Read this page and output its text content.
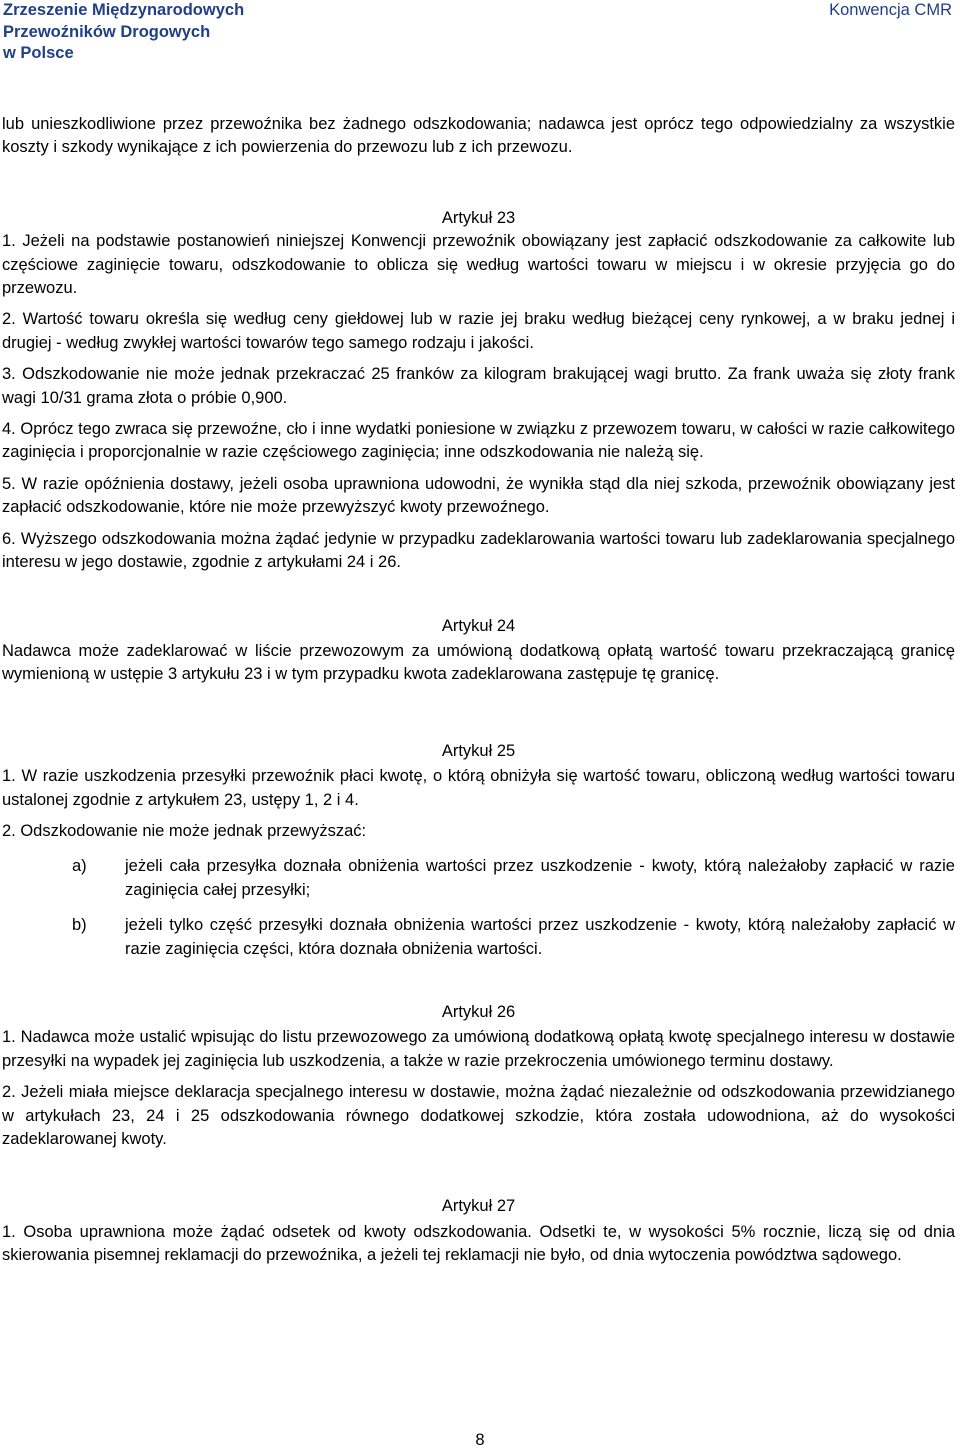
Zrzeszenie Międzynarodowych
Przewoźników Drogowych
w Polsce
Konwencja CMR

lub unieszkodliwione przez przewoźnika bez żadnego odszkodowania; nadawca jest oprócz tego odpowiedzialny za wszystkie koszty i szkody wynikające z ich powierzenia do przewozu lub z ich przewozu.

Artykuł 23

1. Jeżeli na podstawie postanowień niniejszej Konwencji przewoźnik obowiązany jest zapłacić odszkodowanie za całkowite lub częściowe zaginięcie towaru, odszkodowanie to oblicza się według wartości towaru w miejscu i w okresie przyjęcia go do przewozu.

2. Wartość towaru określa się według ceny giełdowej lub w razie jej braku według bieżącej ceny rynkowej, a w braku jednej i drugiej - według zwykłej wartości towarów tego samego rodzaju i jakości.

3. Odszkodowanie nie może jednak przekraczać 25 franków za kilogram brakującej wagi brutto. Za frank uważa się złoty frank wagi 10/31 grama złota o próbie 0,900.

4. Oprócz tego zwraca się przewoźne, cło i inne wydatki poniesione w związku z przewozem towaru, w całości w razie całkowitego zaginięcia i proporcjonalnie w razie częściowego zaginięcia; inne odszkodowania nie należą się.

5. W razie opóźnienia dostawy, jeżeli osoba uprawniona udowodni, że wynikła stąd dla niej szkoda, przewoźnik obowiązany jest zapłacić odszkodowanie, które nie może przewyższyć kwoty przewoźnego.

6. Wyższego odszkodowania można żądać jedynie w przypadku zadeklarowania wartości towaru lub zadeklarowania specjalnego interesu w jego dostawie, zgodnie z artykułami 24 i 26.

Artykuł 24

Nadawca może zadeklarować w liście przewozowym za umówioną dodatkową opłatą wartość towaru przekraczającą granicę wymienioną w ustępie 3 artykułu 23 i w tym przypadku kwota zadeklarowana zastępuje tę granicę.

Artykuł 25

1. W razie uszkodzenia przesyłki przewoźnik płaci kwotę, o którą obniżyła się wartość towaru, obliczoną według wartości towaru ustalonej zgodnie z artykułem 23, ustępy 1, 2 i 4.

2. Odszkodowanie nie może jednak przewyższać:

a)	jeżeli cała przesyłka doznała obniżenia wartości przez uszkodzenie - kwoty, którą należałoby zapłacić w razie zaginięcia całej przesyłki;

b)	jeżeli tylko część przesyłki doznała obniżenia wartości przez uszkodzenie - kwoty, którą należałoby zapłacić w razie zaginięcia części, która doznała obniżenia wartości.

Artykuł 26

1. Nadawca może ustalić wpisując do listu przewozowego za umówioną dodatkową opłatą kwotę specjalnego interesu w dostawie przesyłki na wypadek jej zaginięcia lub uszkodzenia, a także w razie przekroczenia umówionego terminu dostawy.

2. Jeżeli miała miejsce deklaracja specjalnego interesu w dostawie, można żądać niezależnie od odszkodowania przewidzianego w artykułach 23, 24 i 25 odszkodowania równego dodatkowej szkodzie, która została udowodniona, aż do wysokości zadeklarowanej kwoty.

Artykuł 27

1. Osoba uprawniona może żądać odsetek od kwoty odszkodowania. Odsetki te, w wysokości 5% rocznie, liczą się od dnia skierowania pisemnej reklamacji do przewoźnika, a jeżeli tej reklamacji nie było, od dnia wytoczenia powództwa sądowego.

8
